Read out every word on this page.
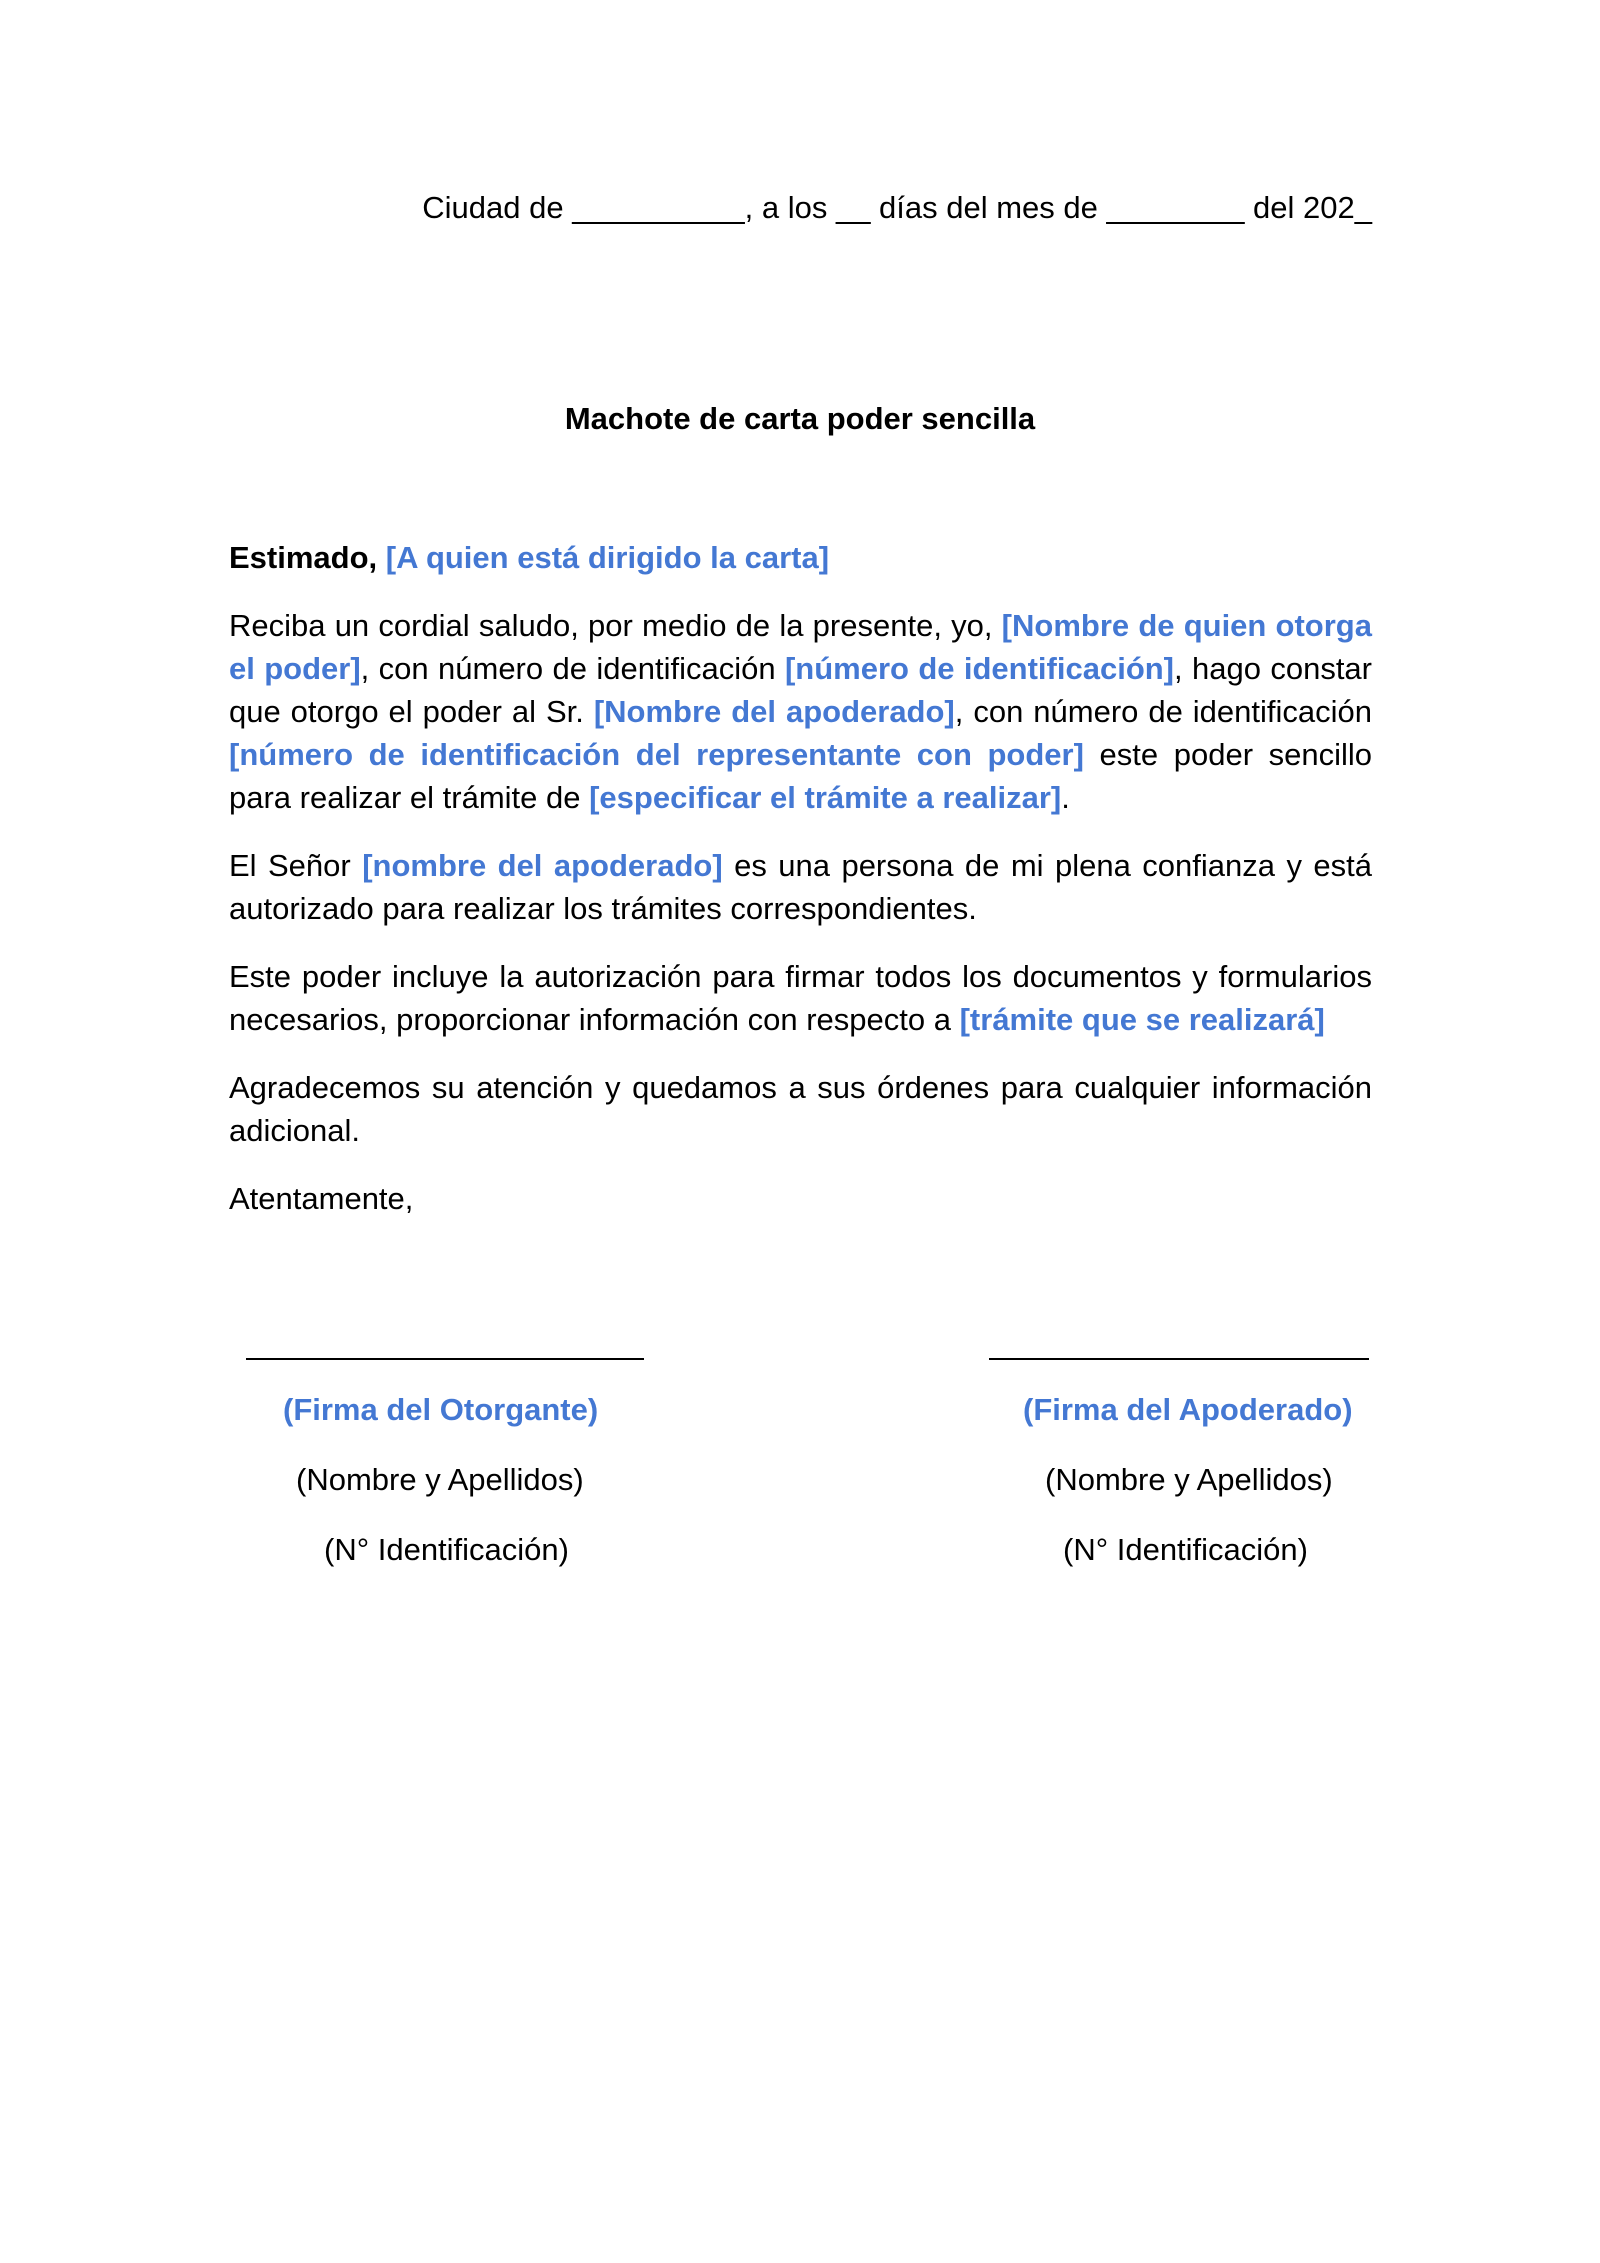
Ciudad de __________, a los __ días del mes de ________ del 202_
Machote de carta poder sencilla

Estimado, [A quien está dirigido la carta]

Reciba un cordial saludo, por medio de la presente, yo, [Nombre de quien otorga el poder], con número de identificación [número de identificación], hago constar que otorgo el poder al Sr. [Nombre del apoderado], con número de identificación [número de identificación del representante con poder] este poder sencillo para realizar el trámite de [especificar el trámite a realizar].

El Señor [nombre del apoderado] es una persona de mi plena confianza y está autorizado para realizar los trámites correspondientes.

Este poder incluye la autorización para firmar todos los documentos y formularios necesarios, proporcionar información con respecto a [trámite que se realizará]

Agradecemos su atención y quedamos a sus órdenes para cualquier información adicional.

Atentamente,

(Firma del Otorgante)
(Nombre y Apellidos)
(N° Identificación)
(Firma del Apoderado)
(Nombre y Apellidos)
(N° Identificación)
